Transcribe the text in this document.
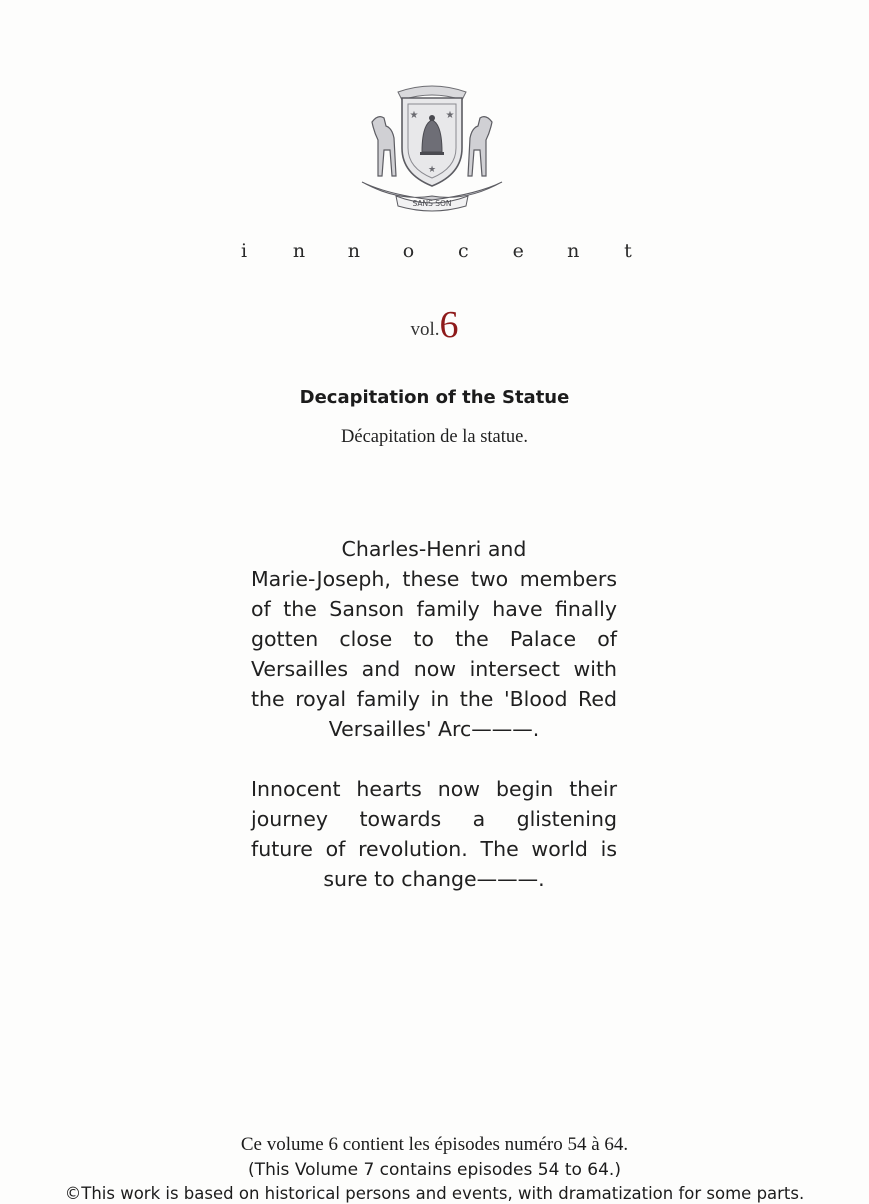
★	★
★
SANS SON
i n n o c e n t
vol.6
Decapitation of the Statue
Décapitation de la statue.
Charles-Henri and
Marie-Joseph, these two members
of the Sanson family have finally
gotten close to the Palace of
Versailles and now intersect with
the royal family in the 'Blood Red
Versailles' Arc———.
Innocent hearts now begin their
journey towards a glistening
future of revolution. The world is
sure to change———.
Ce volume 6 contient les épisodes numéro 54 à 64.
(This Volume 7 contains episodes 54 to 64.)
©This work is based on historical persons and events, with dramatization for some parts.
